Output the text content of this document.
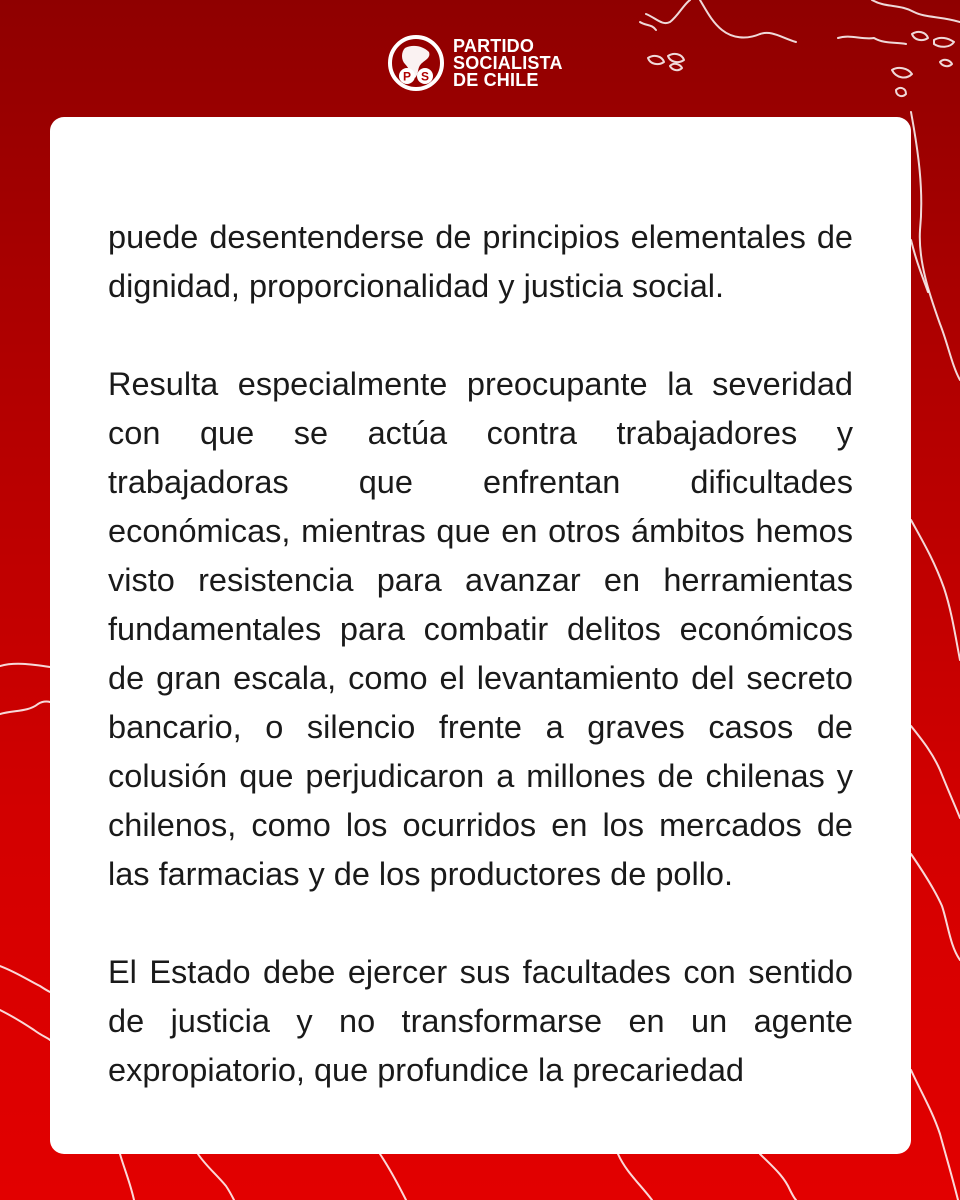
P S
PARTIDO
SOCIALISTA
DE CHILE

puede desentenderse de principios elementales de dignidad, proporcionalidad y justicia social.

Resulta especialmente preocupante la severidad con que se actúa contra trabajadores y trabajadoras que enfrentan dificultades económicas, mientras que en otros ámbitos hemos visto resistencia para avanzar en herramientas fundamentales para combatir delitos económicos de gran escala, como el levantamiento del secreto bancario, o silencio frente a graves casos de colusión que perjudicaron a millones de chilenas y chilenos, como los ocurridos en los mercados de las farmacias y de los productores de pollo.

El Estado debe ejercer sus facultades con sentido de justicia y no transformarse en un agente expropiatorio, que profundice la precariedad
